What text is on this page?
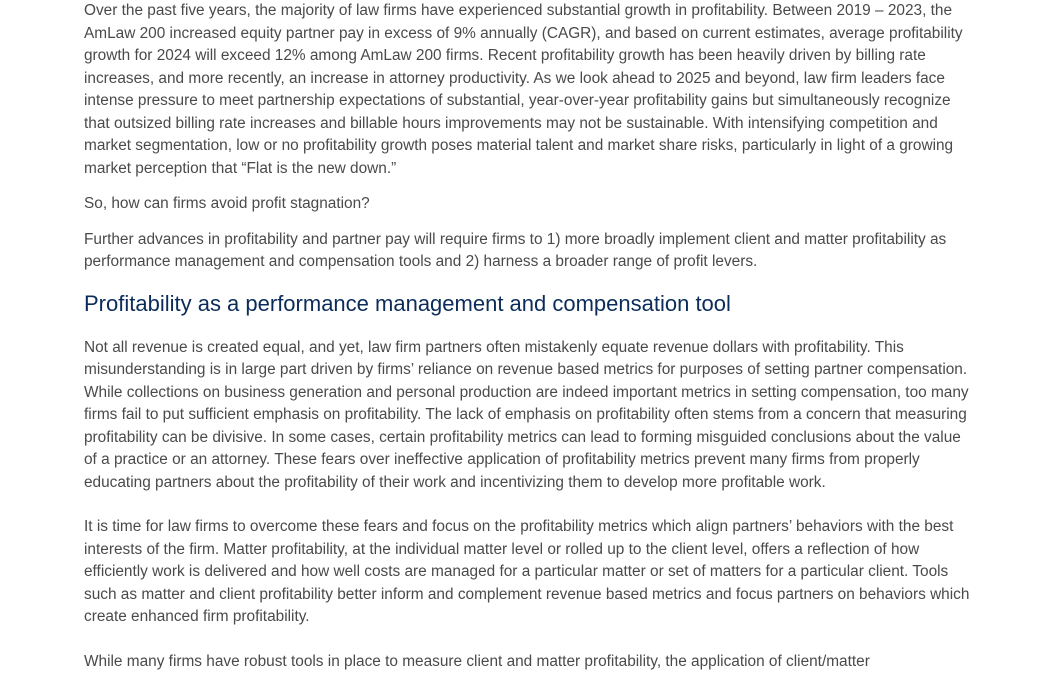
Over the past five years, the majority of law firms have experienced substantial growth in profitability. Between 2019 – 2023, the AmLaw 200 increased equity partner pay in excess of 9% annually (CAGR), and based on current estimates, average profitability growth for 2024 will exceed 12% among AmLaw 200 firms. Recent profitability growth has been heavily driven by billing rate increases, and more recently, an increase in attorney productivity. As we look ahead to 2025 and beyond, law firm leaders face intense pressure to meet partnership expectations of substantial, year-over-year profitability gains but simultaneously recognize that outsized billing rate increases and billable hours improvements may not be sustainable. With intensifying competition and market segmentation, low or no profitability growth poses material talent and market share risks, particularly in light of a growing market perception that “Flat is the new down.”

So, how can firms avoid profit stagnation?

Further advances in profitability and partner pay will require firms to 1) more broadly implement client and matter profitability as performance management and compensation tools and 2) harness a broader range of profit levers.

Profitability as a performance management and compensation tool

Not all revenue is created equal, and yet, law firm partners often mistakenly equate revenue dollars with profitability. This misunderstanding is in large part driven by firms’ reliance on revenue based metrics for purposes of setting partner compensation. While collections on business generation and personal production are indeed important metrics in setting compensation, too many firms fail to put sufficient emphasis on profitability. The lack of emphasis on profitability often stems from a concern that measuring profitability can be divisive. In some cases, certain profitability metrics can lead to forming misguided conclusions about the value of a practice or an attorney. These fears over ineffective application of profitability metrics prevent many firms from properly educating partners about the profitability of their work and incentivizing them to develop more profitable work.

It is time for law firms to overcome these fears and focus on the profitability metrics which align partners’ behaviors with the best interests of the firm. Matter profitability, at the individual matter level or rolled up to the client level, offers a reflection of how efficiently work is delivered and how well costs are managed for a particular matter or set of matters for a particular client. Tools such as matter and client profitability better inform and complement revenue based metrics and focus partners on behaviors which create enhanced firm profitability.

While many firms have robust tools in place to measure client and matter profitability, the application of client/matter
